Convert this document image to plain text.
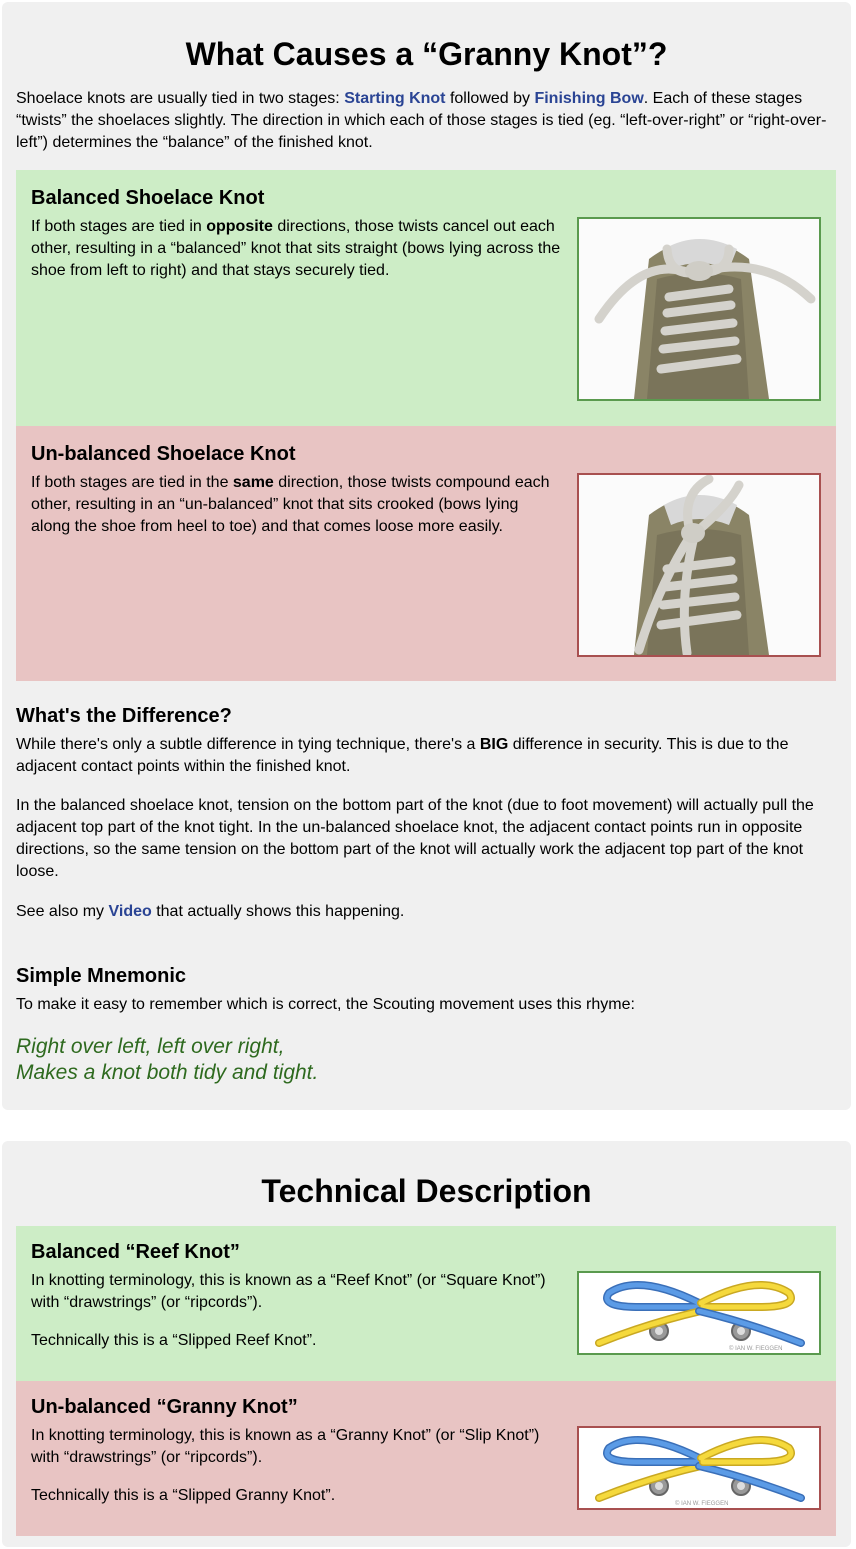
What Causes a “Granny Knot”?

Shoelace knots are usually tied in two stages: Starting Knot followed by Finishing Bow. Each of these stages “twists” the shoelaces slightly. The direction in which each of those stages is tied (eg. “left-over-right” or “right-over-left”) determines the “balance” of the finished knot.

Balanced Shoelace Knot

If both stages are tied in opposite directions, those twists cancel out each other, resulting in a “balanced” knot that sits straight (bows lying across the shoe from left to right) and that stays securely tied.

Un-balanced Shoelace Knot

If both stages are tied in the same direction, those twists compound each other, resulting in an “un-balanced” knot that sits crooked (bows lying along the shoe from heel to toe) and that comes loose more easily.

What's the Difference?

While there's only a subtle difference in tying technique, there's a BIG difference in security. This is due to the adjacent contact points within the finished knot.

In the balanced shoelace knot, tension on the bottom part of the knot (due to foot movement) will actually pull the adjacent top part of the knot tight. In the un-balanced shoelace knot, the adjacent contact points run in opposite directions, so the same tension on the bottom part of the knot will actually work the adjacent top part of the knot loose.

See also my Video that actually shows this happening.

Simple Mnemonic

To make it easy to remember which is correct, the Scouting movement uses this rhyme:

Right over left, left over right,
Makes a knot both tidy and tight.
Technical Description
Balanced “Reef Knot”

In knotting terminology, this is known as a “Reef Knot” (or “Square Knot”) with “drawstrings” (or “ripcords”).

Technically this is a “Slipped Reef Knot”.	© IAN W. FIEGGEN
Un-balanced “Granny Knot”

In knotting terminology, this is known as a “Granny Knot” (or “Slip Knot”) with “drawstrings” (or “ripcords”).

Technically this is a “Slipped Granny Knot”.	© IAN W. FIEGGEN
